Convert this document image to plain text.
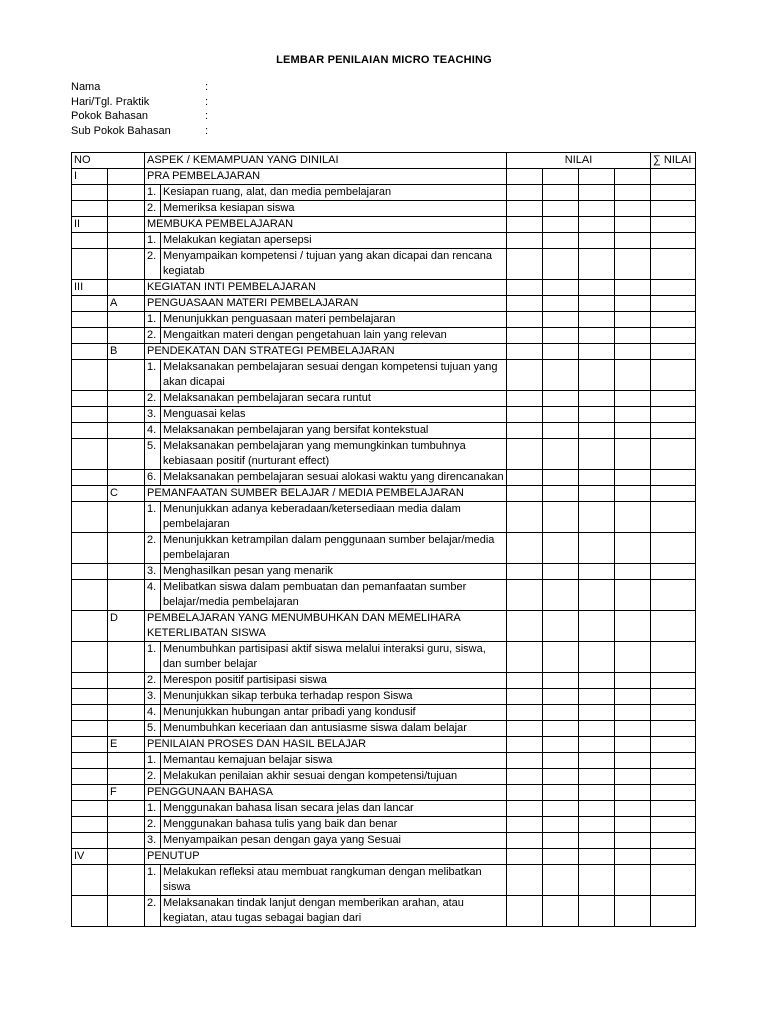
LEMBAR PENILAIAN MICRO TEACHING
Nama	:
Hari/Tgl. Praktik	:
Pokok Bahasan	:
Sub Pokok Bahasan	:
NO		ASPEK / KEMAMPUAN YANG DINILAI		NILAI				∑ NILAI
I		PRA PEMBELAJARAN						
		1.	Kesiapan ruang, alat, dan media pembelajaran					
		2.	Memeriksa kesiapan siswa					
II		MEMBUKA PEMBELAJARAN						
		1.	Melakukan kegiatan apersepsi					
		2.	Menyampaikan kompetensi / tujuan yang akan dicapai dan rencana kegiatab					
III		KEGIATAN INTI PEMBELAJARAN						
	A	PENGUASAAN MATERI PEMBELAJARAN						
		1.	Menunjukkan penguasaan materi pembelajaran					
		2.	Mengaitkan materi dengan pengetahuan lain yang relevan					
	B	PENDEKATAN DAN STRATEGI PEMBELAJARAN						
		1.	Melaksanakan pembelajaran sesuai dengan kompetensi tujuan yang akan dicapai					
		2.	Melaksanakan pembelajaran secara runtut					
		3.	Menguasai kelas					
		4.	Melaksanakan pembelajaran yang bersifat kontekstual					
		5.	Melaksanakan pembelajaran yang memungkinkan tumbuhnya kebiasaan positif (nurturant effect)					
		6.	Melaksanakan pembelajaran sesuai alokasi waktu yang direncanakan					
	C	PEMANFAATAN SUMBER BELAJAR / MEDIA PEMBELAJARAN						
		1.	Menunjukkan adanya keberadaan/ketersediaan media dalam pembelajaran					
		2.	Menunjukkan ketrampilan dalam penggunaan sumber belajar/media pembelajaran					
		3.	Menghasilkan pesan yang menarik					
		4.	Melibatkan siswa dalam pembuatan dan pemanfaatan sumber belajar/media pembelajaran					
	D	PEMBELAJARAN YANG MENUMBUHKAN DAN MEMELIHARA KETERLIBATAN SISWA						
		1.	Menumbuhkan partisipasi aktif siswa melalui interaksi guru, siswa, dan sumber belajar					
		2.	Merespon positif partisipasi siswa					
		3.	Menunjukkan sikap terbuka terhadap respon Siswa					
		4.	Menunjukkan hubungan antar pribadi yang kondusif					
		5.	Menumbuhkan keceriaan dan antusiasme siswa dalam belajar					
	E	PENILAIAN PROSES DAN HASIL BELAJAR						
		1.	Memantau kemajuan belajar siswa					
		2.	Melakukan penilaian akhir sesuai dengan kompetensi/tujuan					
	F	PENGGUNAAN BAHASA						
		1.	Menggunakan bahasa lisan secara jelas dan lancar					
		2.	Menggunakan bahasa tulis yang baik dan benar					
		3.	Menyampaikan pesan dengan gaya yang Sesuai					
IV		PENUTUP						
		1.	Melakukan refleksi atau membuat rangkuman dengan melibatkan siswa					
		2.	Melaksanakan tindak lanjut dengan memberikan arahan, atau kegiatan, atau tugas sebagai bagian dari					
